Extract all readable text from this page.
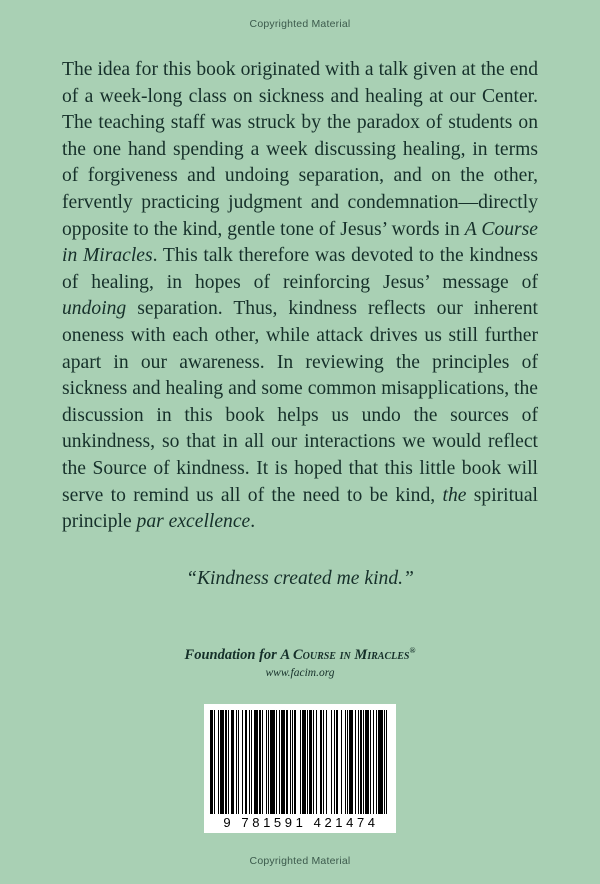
Copyrighted Material

The idea for this book originated with a talk given at the end of a week-long class on sickness and healing at our Center. The teaching staff was struck by the paradox of students on the one hand spending a week discussing healing, in terms of forgiveness and undoing separation, and on the other, fervently practicing judgment and condemnation—directly opposite to the kind, gentle tone of Jesus’ words in A Course in Miracles. This talk therefore was devoted to the kindness of healing, in hopes of reinforcing Jesus’ message of undoing separation. Thus, kindness reflects our inherent oneness with each other, while attack drives us still further apart in our awareness. In reviewing the principles of sickness and healing and some common misapplications, the discussion in this book helps us undo the sources of unkindness, so that in all our interactions we would reflect the Source of kindness. It is hoped that this little book will serve to remind us all of the need to be kind, the spiritual principle par excellence.

“Kindness created me kind.”
Foundation for A Course in Miracles®
www.facim.org
9 781591 421474
Copyrighted Material
